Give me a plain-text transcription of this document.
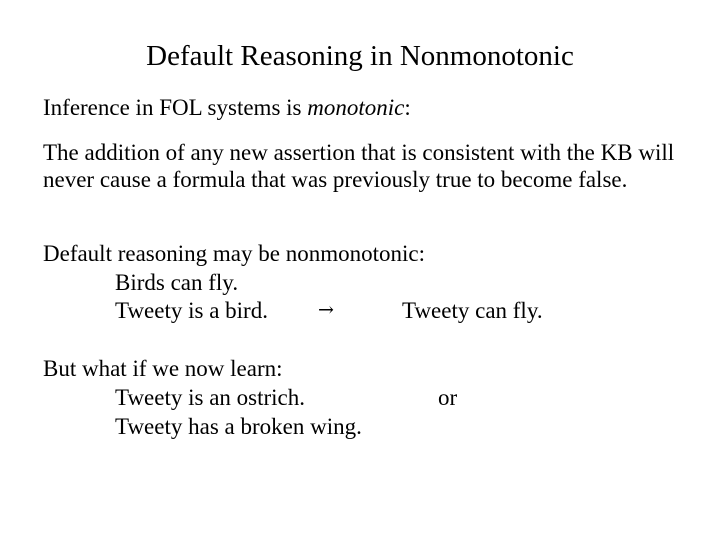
Default Reasoning in Nonmonotonic
Inference in FOL systems is monotonic:
The addition of any new assertion that is consistent with the KB will never cause a formula that was previously true to become false.
Default reasoning may be nonmonotonic:
Birds can fly.
Tweety is a bird.	→	Tweety can fly.
But what if we now learn:
Tweety is an ostrich.	or
Tweety has a broken wing.
